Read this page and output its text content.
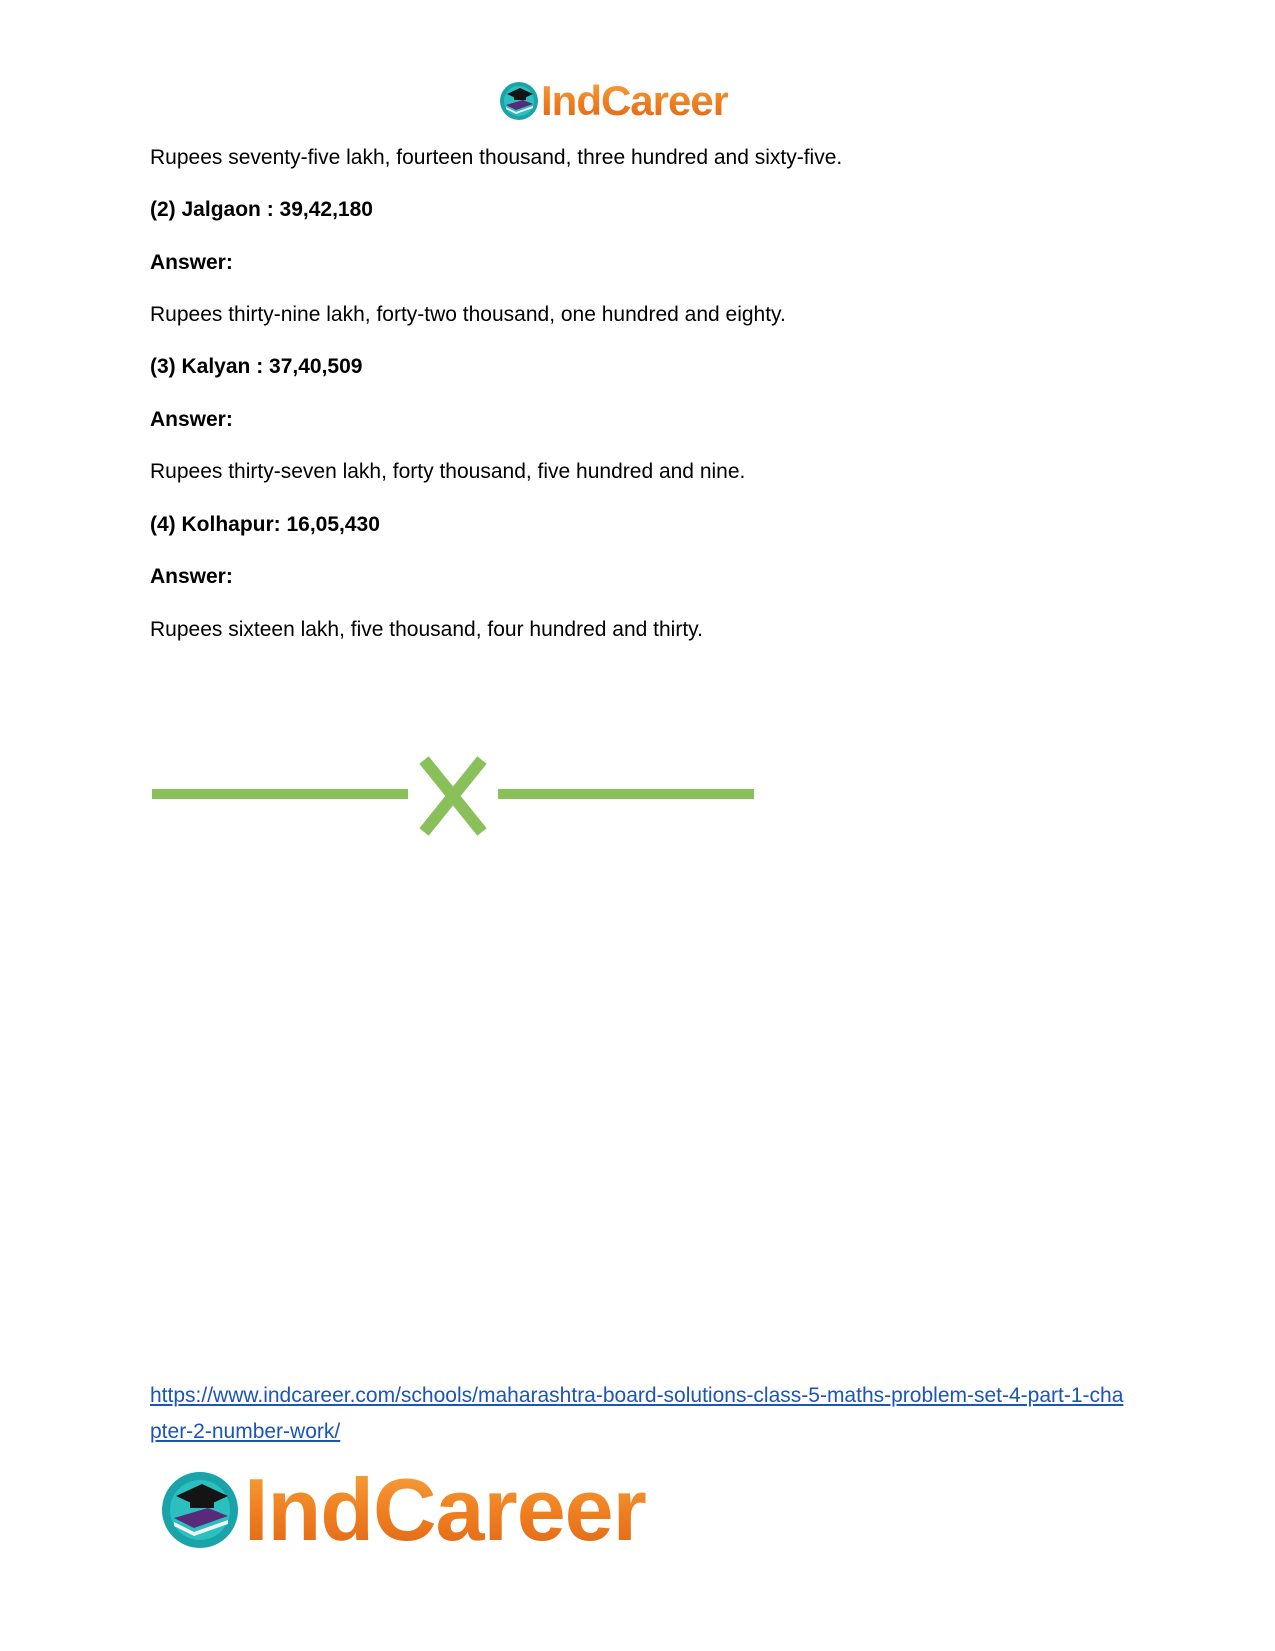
IndCareer
Rupees seventy-five lakh, fourteen thousand, three hundred and sixty-five.
(2) Jalgaon : 39,42,180
Answer:
Rupees thirty-nine lakh, forty-two thousand, one hundred and eighty.
(3) Kalyan : 37,40,509
Answer:
Rupees thirty-seven lakh, forty thousand, five hundred and nine.
(4) Kolhapur: 16,05,430
Answer:
Rupees sixteen lakh, five thousand, four hundred and thirty.
https://www.indcareer.com/schools/maharashtra-board-solutions-class-5-maths-problem-set-4-part-1-chapter-2-number-work/
IndCareer
